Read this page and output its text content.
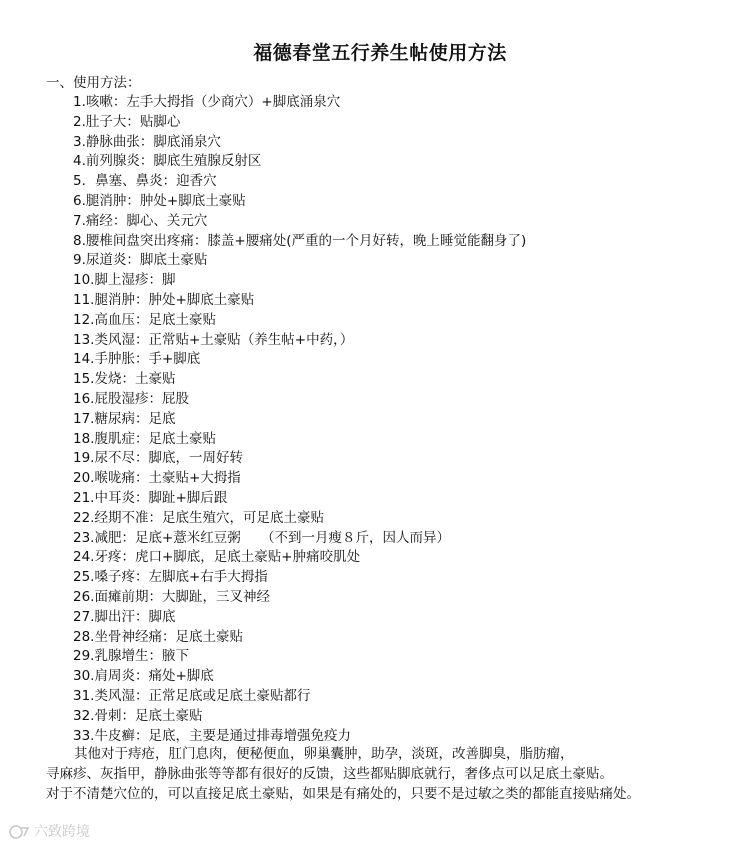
福德春堂五行养生帖使用方法
一、使用方法：
1.咳嗽：左手大拇指（少商穴）+脚底涌泉穴
2.肚子大：贴脚心
3.静脉曲张：脚底涌泉穴
4.前列腺炎：脚底生殖腺反射区
5．鼻塞、鼻炎：迎香穴
6.腿消肿：肿处+脚底土豪贴
7.痛经：脚心、关元穴
8.腰椎间盘突出疼痛：膝盖+腰痛处(严重的一个月好转，晚上睡觉能翻身了)
9.尿道炎：脚底土豪贴
10.脚上湿疹：脚
11.腿消肿：肿处+脚底土豪贴
12.高血压：足底土豪贴
13.类风湿：正常贴+土豪贴（养生帖+中药，）
14.手肿胀：手+脚底
15.发烧：土豪贴
16.屁股湿疹：屁股
17.糖尿病：足底
18.腹肌症：足底土豪贴
19.尿不尽：脚底，一周好转
20.喉咙痛：土豪贴+大拇指
21.中耳炎：脚趾+脚后跟
22.经期不准：足底生殖穴，可足底土豪贴
23.减肥：足底+薏米红豆粥　　（不到一月瘦８斤，因人而异）
24.牙疼：虎口+脚底，足底土豪贴+肿痛咬肌处
25.嗓子疼：左脚底+右手大拇指
26.面瘫前期：大脚趾，三叉神经
27.脚出汗：脚底
28.坐骨神经痛：足底土豪贴
29.乳腺增生：腋下
30.肩周炎：痛处+脚底
31.类风湿：正常足底或足底土豪贴都行
32.骨刺：足底土豪贴
33.牛皮癣：足底，主要是通过排毒增强免疫力
其他对于痔疮，肛门息肉，便秘便血，卵巢囊肿，助孕，淡斑，改善脚臭，脂肪瘤，
寻麻疹、灰指甲，静脉曲张等等都有很好的反馈，这些都贴脚底就行，奢侈点可以足底土豪贴。
对于不清楚穴位的，可以直接足底土豪贴，如果是有痛处的，只要不是过敏之类的都能直接贴痛处。
六致跨境
